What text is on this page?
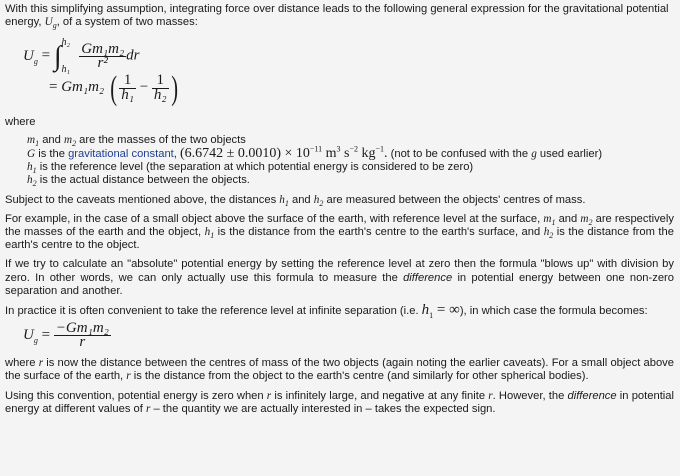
With this simplifying assumption, integrating force over distance leads to the following general expression for the gravitational potential
energy, $U_g$, of a system of two masses:

$U_g$ = ∫ h₂
h₁
$\frac{\text{Gm₁m₂}}{\text{r²}}$ dr
= Gm₁m₂ ( $\frac{1}{\text{h₁}} - \frac{1}{\text{h₂}}$ )

where

$m_1$ and $m_2$ are the masses of the two objects
G is the gravitational constant, $(6.6742 \pm 0.0010) \times 10^{-11}$ $m^3$ $s^{-2}$ $kg^{-1}$. (not to be confused with the g used earlier)
$h_1$ is the reference level (the separation at which potential energy is considered to be zero)
$h_2$ is the actual distance between the objects.

Subject to the caveats mentioned above, the distances $h_1$ and $h_2$ are measured between the objects' centres of mass.

For example, in the case of a small object above the surface of the earth, with reference level at the surface, $m_1$ and $m_2$ are respectively the masses of the earth and the object, $h_1$ is the distance from the earth's centre to the earth's surface, and $h_2$ is the distance from the earth's centre to the object.

If we try to calculate an "absolute" potential energy by setting the reference level at zero then the formula "blows up" with division by zero. In other words, we can only actually use this formula to measure the difference in potential energy between one non-zero separation and another.

In practice it is often convenient to take the reference level at infinite separation (i.e. $h_1$ = ∞), in which case the formula becomes:

$U_g = \frac{\text{−Gm₁m₂}}{r}$

where r is now the distance between the centres of mass of the two objects (again noting the earlier caveats). For a small object above the surface of the earth, r is the distance from the object to the earth's centre (and similarly for other spherical bodies).

Using this convention, potential energy is zero when r is infinitely large, and negative at any finite r. However, the difference in potential energy at different values of r – the quantity we are actually interested in – takes the expected sign.
